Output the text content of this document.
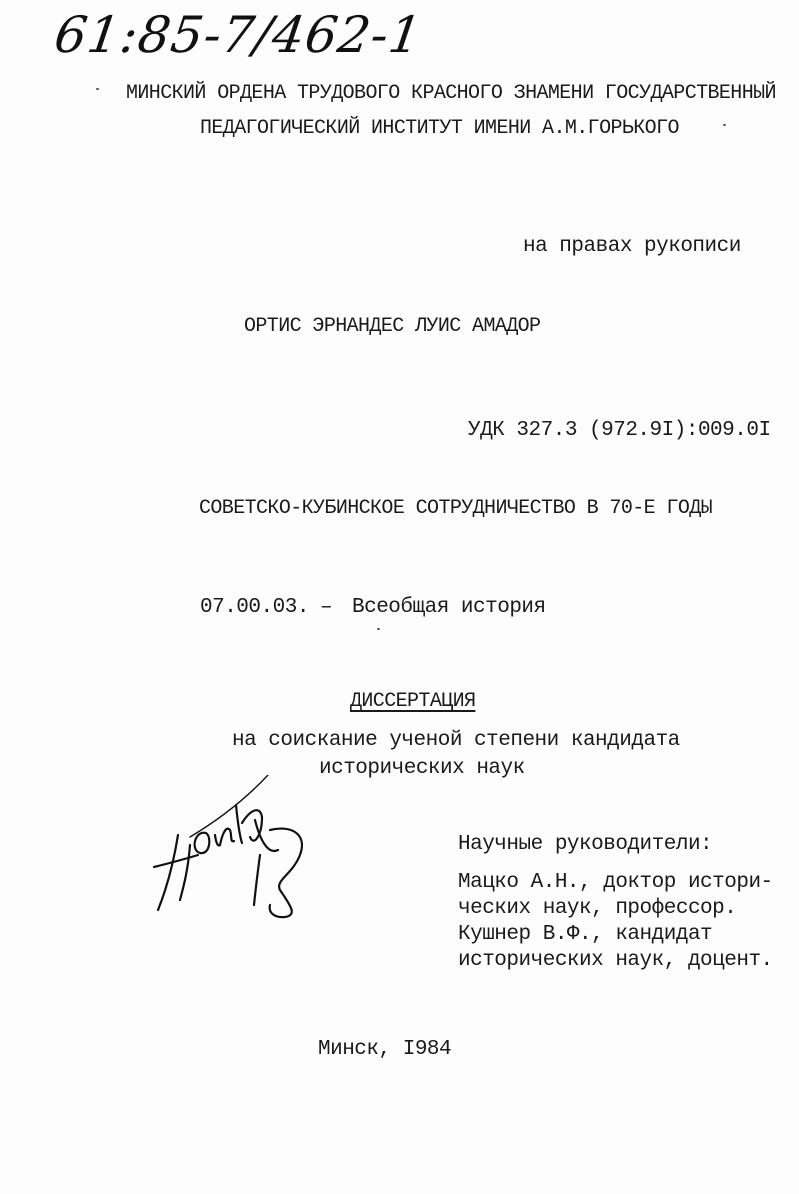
61:85-7/462-1
МИНСКИЙ ОРДЕНА ТРУДОВОГО КРАСНОГО ЗНАМЕНИ ГОСУДАРСТВЕННЫЙ
ПЕДАГОГИЧЕСКИЙ ИНСТИТУТ ИМЕНИ А.М.ГОРЬКОГО
на правах рукописи
ОРТИС ЭРНАНДЕС ЛУИС АМАДОР
УДК 327.3 (972.9I):009.0I
СОВЕТСКО-КУБИНСКОЕ СОТРУДНИЧЕСТВО В 70-Е ГОДЫ
07.00.03. – Всеобщая история
ДИССЕРТАЦИЯ
на соискание ученой степени кандидата
исторических наук
Научные руководители:
Мацко А.Н., доктор истори-
ческих наук, профессор.
Кушнер В.Ф., кандидат
исторических наук, доцент.
Минск, I984
